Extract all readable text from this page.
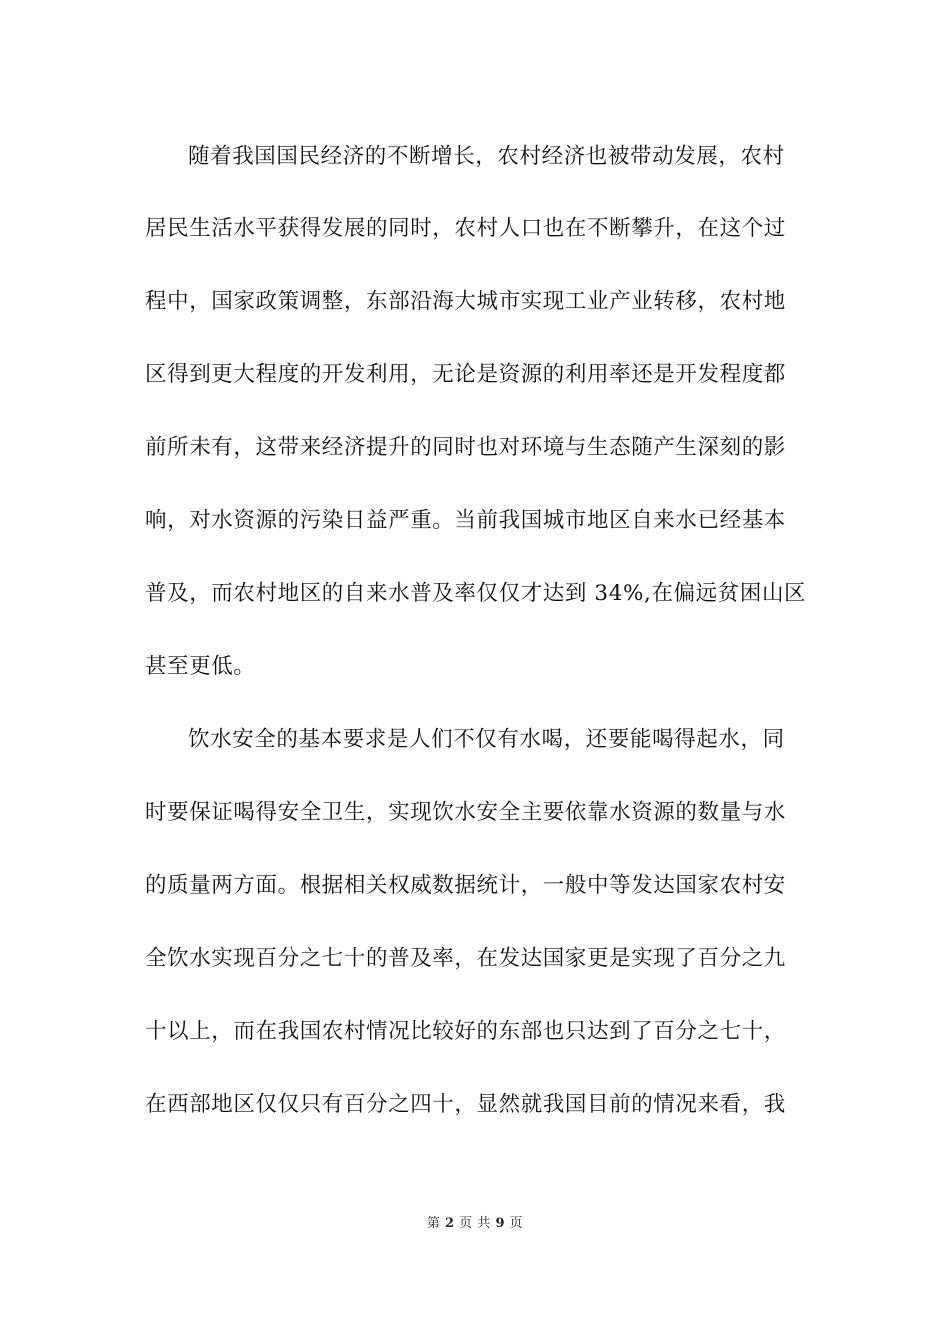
随着我国国民经济的不断增长，农村经济也被带动发展，农村
居民生活水平获得发展的同时，农村人口也在不断攀升，在这个过
程中，国家政策调整，东部沿海大城市实现工业产业转移，农村地
区得到更大程度的开发利用，无论是资源的利用率还是开发程度都
前所未有，这带来经济提升的同时也对环境与生态随产生深刻的影
响，对水资源的污染日益严重。当前我国城市地区自来水已经基本
普及，而农村地区的自来水普及率仅仅才达到 34%,在偏远贫困山区
甚至更低。
饮水安全的基本要求是人们不仅有水喝，还要能喝得起水，同
时要保证喝得安全卫生，实现饮水安全主要依靠水资源的数量与水
的质量两方面。根据相关权威数据统计，一般中等发达国家农村安
全饮水实现百分之七十的普及率，在发达国家更是实现了百分之九
十以上，而在我国农村情况比较好的东部也只达到了百分之七十，
在西部地区仅仅只有百分之四十，显然就我国目前的情况来看，我
第 2 页 共 9 页
